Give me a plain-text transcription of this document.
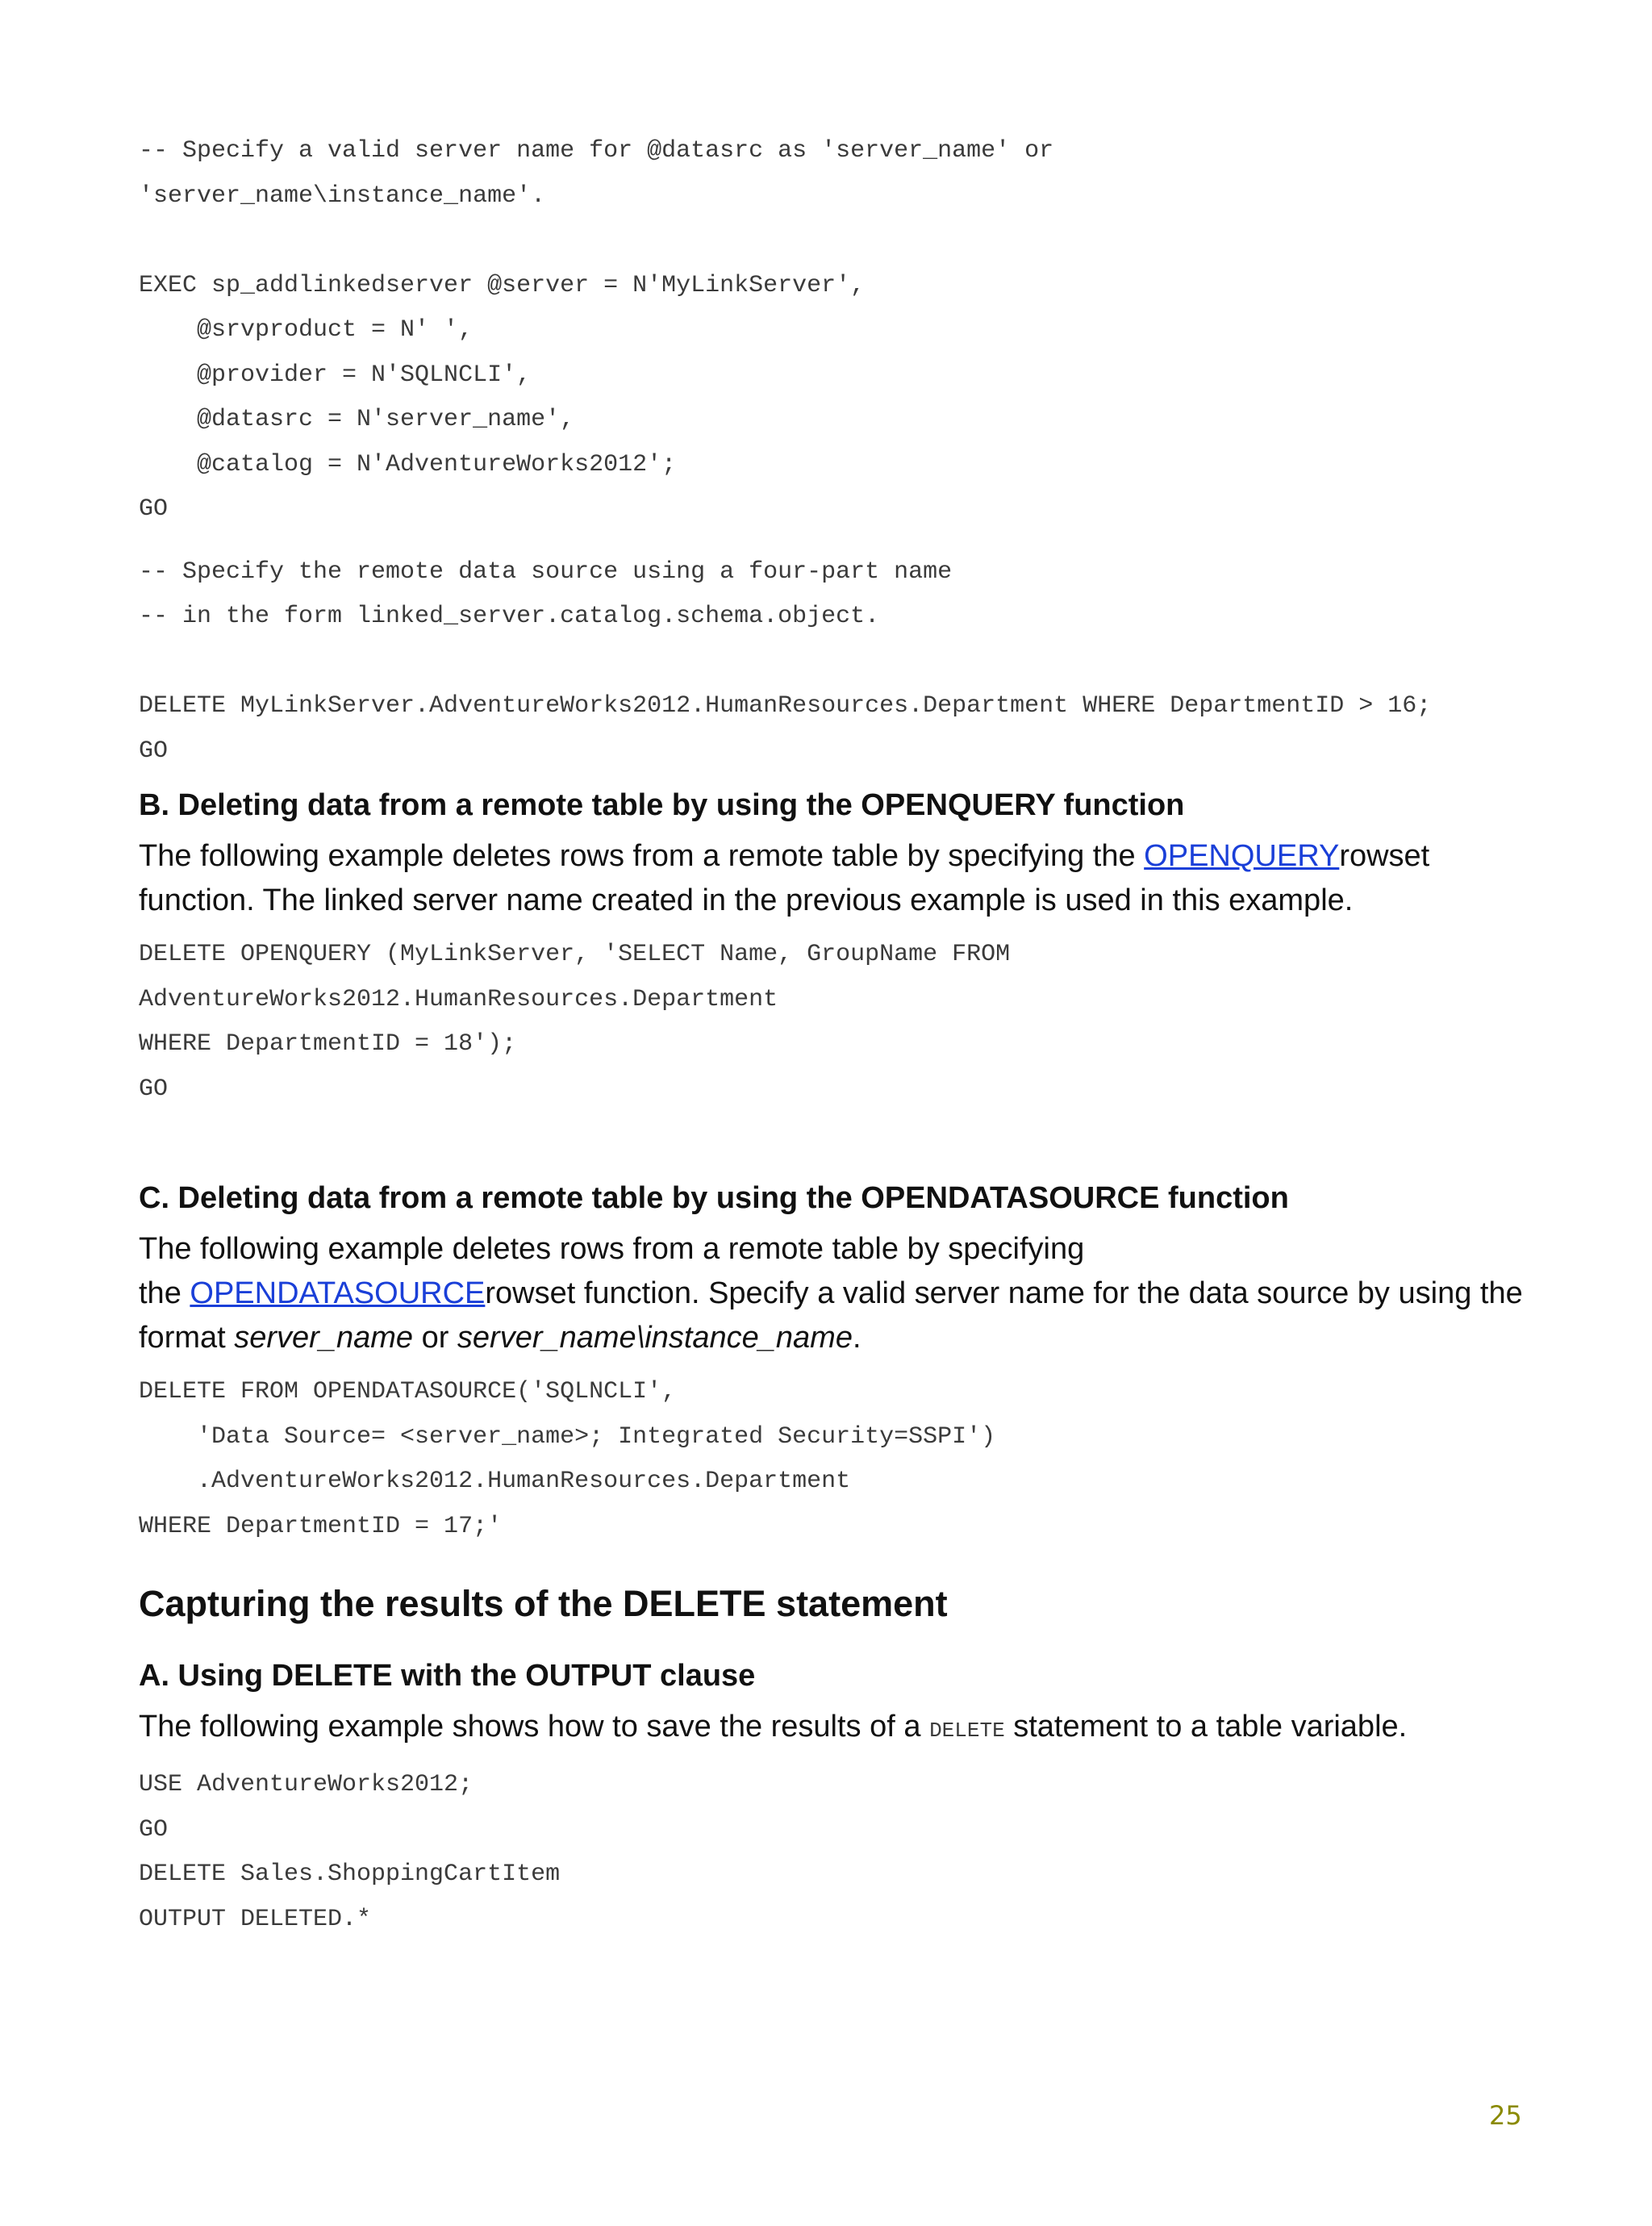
-- Specify a valid server name for @datasrc as 'server_name' or
'server_name\instance_name'.
EXEC sp_addlinkedserver @server = N'MyLinkServer',
@srvproduct = N' ',
@provider = N'SQLNCLI',
@datasrc = N'server_name',
@catalog = N'AdventureWorks2012';
GO
-- Specify the remote data source using a four-part name
-- in the form linked_server.catalog.schema.object.
DELETE MyLinkServer.AdventureWorks2012.HumanResources.Department WHERE DepartmentID > 16;
GO
B. Deleting data from a remote table by using the OPENQUERY function

The following example deletes rows from a remote table by specifying the OPENQUERYrowset function. The linked server name created in the previous example is used in this example.

DELETE OPENQUERY (MyLinkServer, 'SELECT Name, GroupName FROM
AdventureWorks2012.HumanResources.Department
WHERE DepartmentID = 18');
GO
C. Deleting data from a remote table by using the OPENDATASOURCE function

The following example deletes rows from a remote table by specifying
the OPENDATASOURCErowset function. Specify a valid server name for the data source by using the format server_name or server_name\instance_name.

DELETE FROM OPENDATASOURCE('SQLNCLI',
'Data Source= <server_name>; Integrated Security=SSPI')
.AdventureWorks2012.HumanResources.Department
WHERE DepartmentID = 17;'
Capturing the results of the DELETE statement
A. Using DELETE with the OUTPUT clause

The following example shows how to save the results of a DELETE statement to a table variable.

USE AdventureWorks2012;
GO
DELETE Sales.ShoppingCartItem
OUTPUT DELETED.*
25
